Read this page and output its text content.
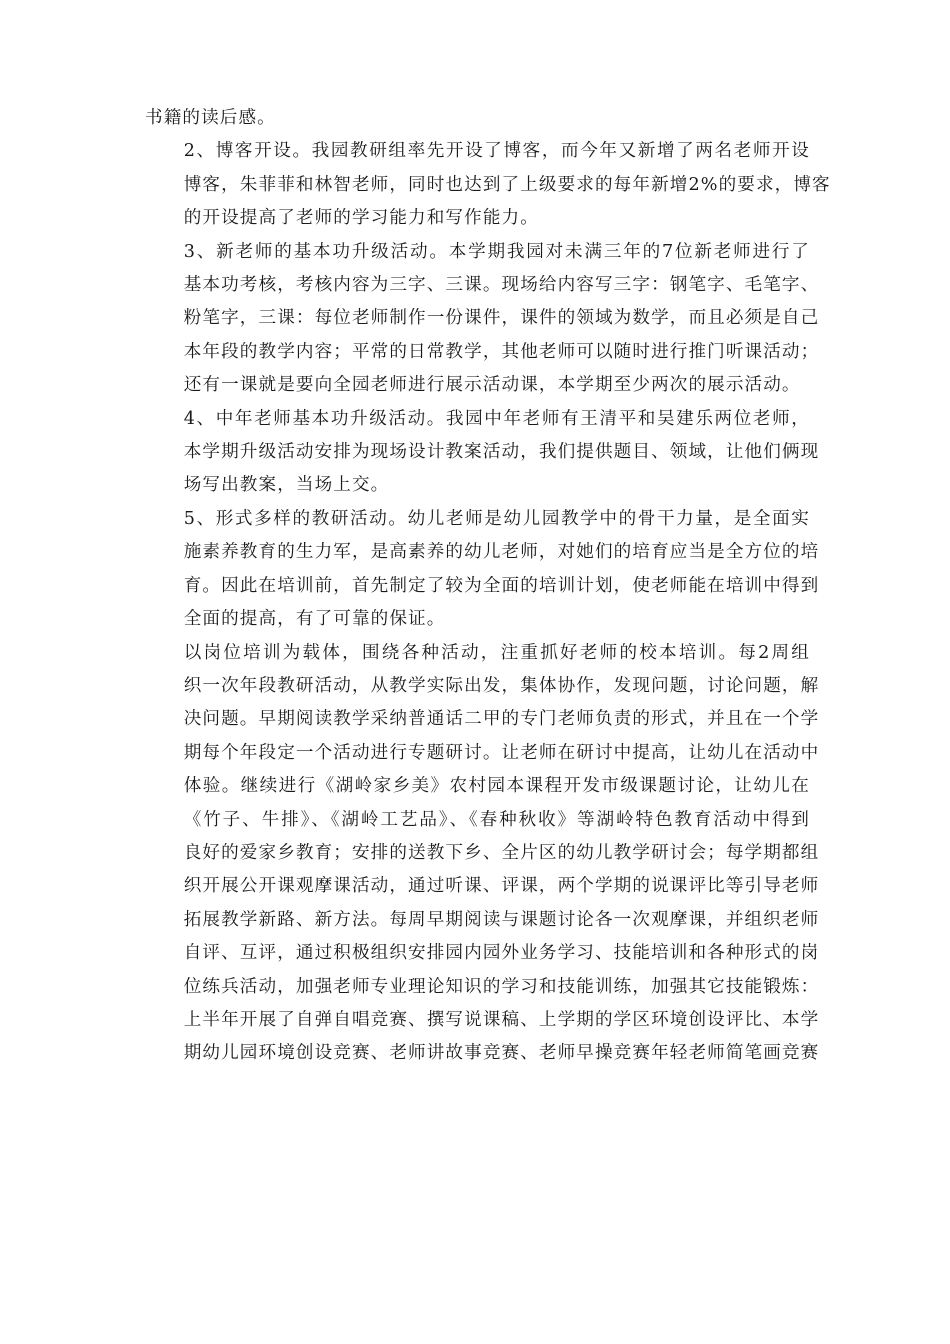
书籍的读后感。
2、博客开设。我园教研组率先开设了博客，而今年又新增了两名老师开设
博客，朱菲菲和林智老师，同时也达到了上级要求的每年新增2%的要求，博客
的开设提高了老师的学习能力和写作能力。
3、新老师的基本功升级活动。本学期我园对未满三年的7位新老师进行了
基本功考核，考核内容为三字、三课。现场给内容写三字：钢笔字、毛笔字、
粉笔字，三课：每位老师制作一份课件，课件的领域为数学，而且必须是自己
本年段的教学内容；平常的日常教学，其他老师可以随时进行推门听课活动；
还有一课就是要向全园老师进行展示活动课，本学期至少两次的展示活动。
4、中年老师基本功升级活动。我园中年老师有王清平和吴建乐两位老师，
本学期升级活动安排为现场设计教案活动，我们提供题目、领域，让他们俩现
场写出教案，当场上交。
5、形式多样的教研活动。幼儿老师是幼儿园教学中的骨干力量，是全面实
施素养教育的生力军，是高素养的幼儿老师，对她们的培育应当是全方位的培
育。因此在培训前，首先制定了较为全面的培训计划，使老师能在培训中得到
全面的提高，有了可靠的保证。
以岗位培训为载体，围绕各种活动，注重抓好老师的校本培训。每2周组
织一次年段教研活动，从教学实际出发，集体协作，发现问题，讨论问题，解
决问题。早期阅读教学采纳普通话二甲的专门老师负责的形式，并且在一个学
期每个年段定一个活动进行专题研讨。让老师在研讨中提高，让幼儿在活动中
体验。继续进行《湖岭家乡美》农村园本课程开发市级课题讨论，让幼儿在
《竹子、牛排》、《湖岭工艺品》、《春种秋收》等湖岭特色教育活动中得到
良好的爱家乡教育；安排的送教下乡、全片区的幼儿教学研讨会；每学期都组
织开展公开课观摩课活动，通过听课、评课，两个学期的说课评比等引导老师
拓展教学新路、新方法。每周早期阅读与课题讨论各一次观摩课，并组织老师
自评、互评，通过积极组织安排园内园外业务学习、技能培训和各种形式的岗
位练兵活动，加强老师专业理论知识的学习和技能训练，加强其它技能锻炼：
上半年开展了自弹自唱竞赛、撰写说课稿、上学期的学区环境创设评比、本学
期幼儿园环境创设竞赛、老师讲故事竞赛、老师早操竞赛年轻老师简笔画竞赛
